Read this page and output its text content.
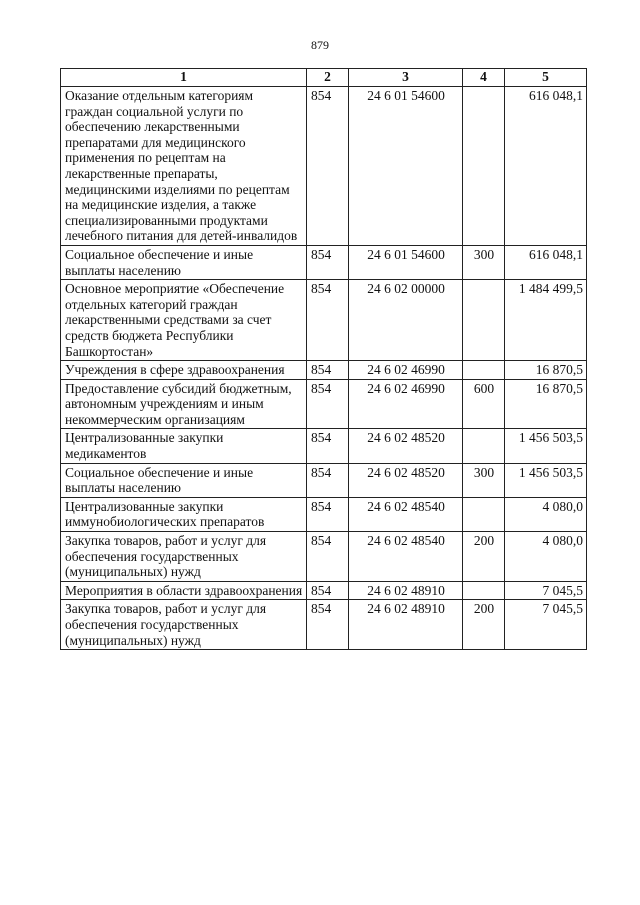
879
1	2	3	4	5
Оказание отдельным категориям граждан социальной услуги по обеспечению лекарственными препаратами для медицинского применения по рецептам на лекарственные препараты, медицинскими изделиями по рецептам на медицинские изделия, а также специализированными продуктами лечебного питания для детей-инвалидов	854	24 6 01 54600		616 048,1
Социальное обеспечение и иные выплаты населению	854	24 6 01 54600	300	616 048,1
Основное мероприятие «Обеспечение отдельных категорий граждан лекарственными средствами за счет средств бюджета Республики Башкортостан»	854	24 6 02 00000		1 484 499,5
Учреждения в сфере здравоохранения	854	24 6 02 46990		16 870,5
Предоставление субсидий бюджетным, автономным учреждениям и иным некоммерческим организациям	854	24 6 02 46990	600	16 870,5
Централизованные закупки медикаментов	854	24 6 02 48520		1 456 503,5
Социальное обеспечение и иные выплаты населению	854	24 6 02 48520	300	1 456 503,5
Централизованные закупки иммунобиологических препаратов	854	24 6 02 48540		4 080,0
Закупка товаров, работ и услуг для обеспечения государственных (муниципальных) нужд	854	24 6 02 48540	200	4 080,0
Мероприятия в области здравоохранения	854	24 6 02 48910		7 045,5
Закупка товаров, работ и услуг для обеспечения государственных (муниципальных) нужд	854	24 6 02 48910	200	7 045,5
